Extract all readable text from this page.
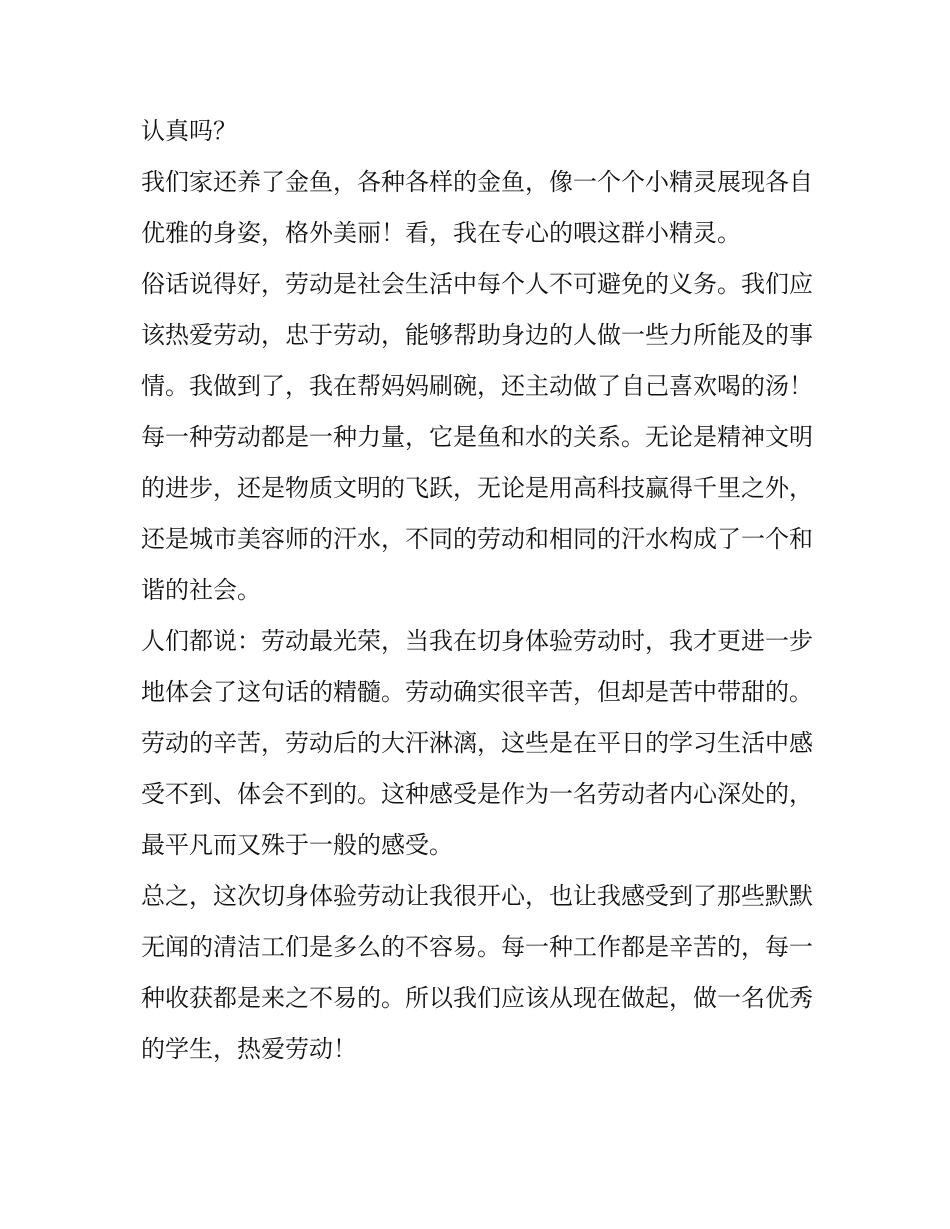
认真吗？

我们家还养了金鱼，各种各样的金鱼，像一个个小精灵展现各自优雅的身姿，格外美丽！看，我在专心的喂这群小精灵。

俗话说得好，劳动是社会生活中每个人不可避免的义务。我们应该热爱劳动，忠于劳动，能够帮助身边的人做一些力所能及的事情。我做到了，我在帮妈妈刷碗，还主动做了自己喜欢喝的汤！

每一种劳动都是一种力量，它是鱼和水的关系。无论是精神文明的进步，还是物质文明的飞跃，无论是用高科技赢得千里之外，还是城市美容师的汗水，不同的劳动和相同的汗水构成了一个和谐的社会。

人们都说：劳动最光荣，当我在切身体验劳动时，我才更进一步地体会了这句话的精髓。劳动确实很辛苦，但却是苦中带甜的。劳动的辛苦，劳动后的大汗淋漓，这些是在平日的学习生活中感受不到、体会不到的。这种感受是作为一名劳动者内心深处的，最平凡而又殊于一般的感受。

总之，这次切身体验劳动让我很开心，也让我感受到了那些默默无闻的清洁工们是多么的不容易。每一种工作都是辛苦的，每一种收获都是来之不易的。所以我们应该从现在做起，做一名优秀的学生，热爱劳动！
